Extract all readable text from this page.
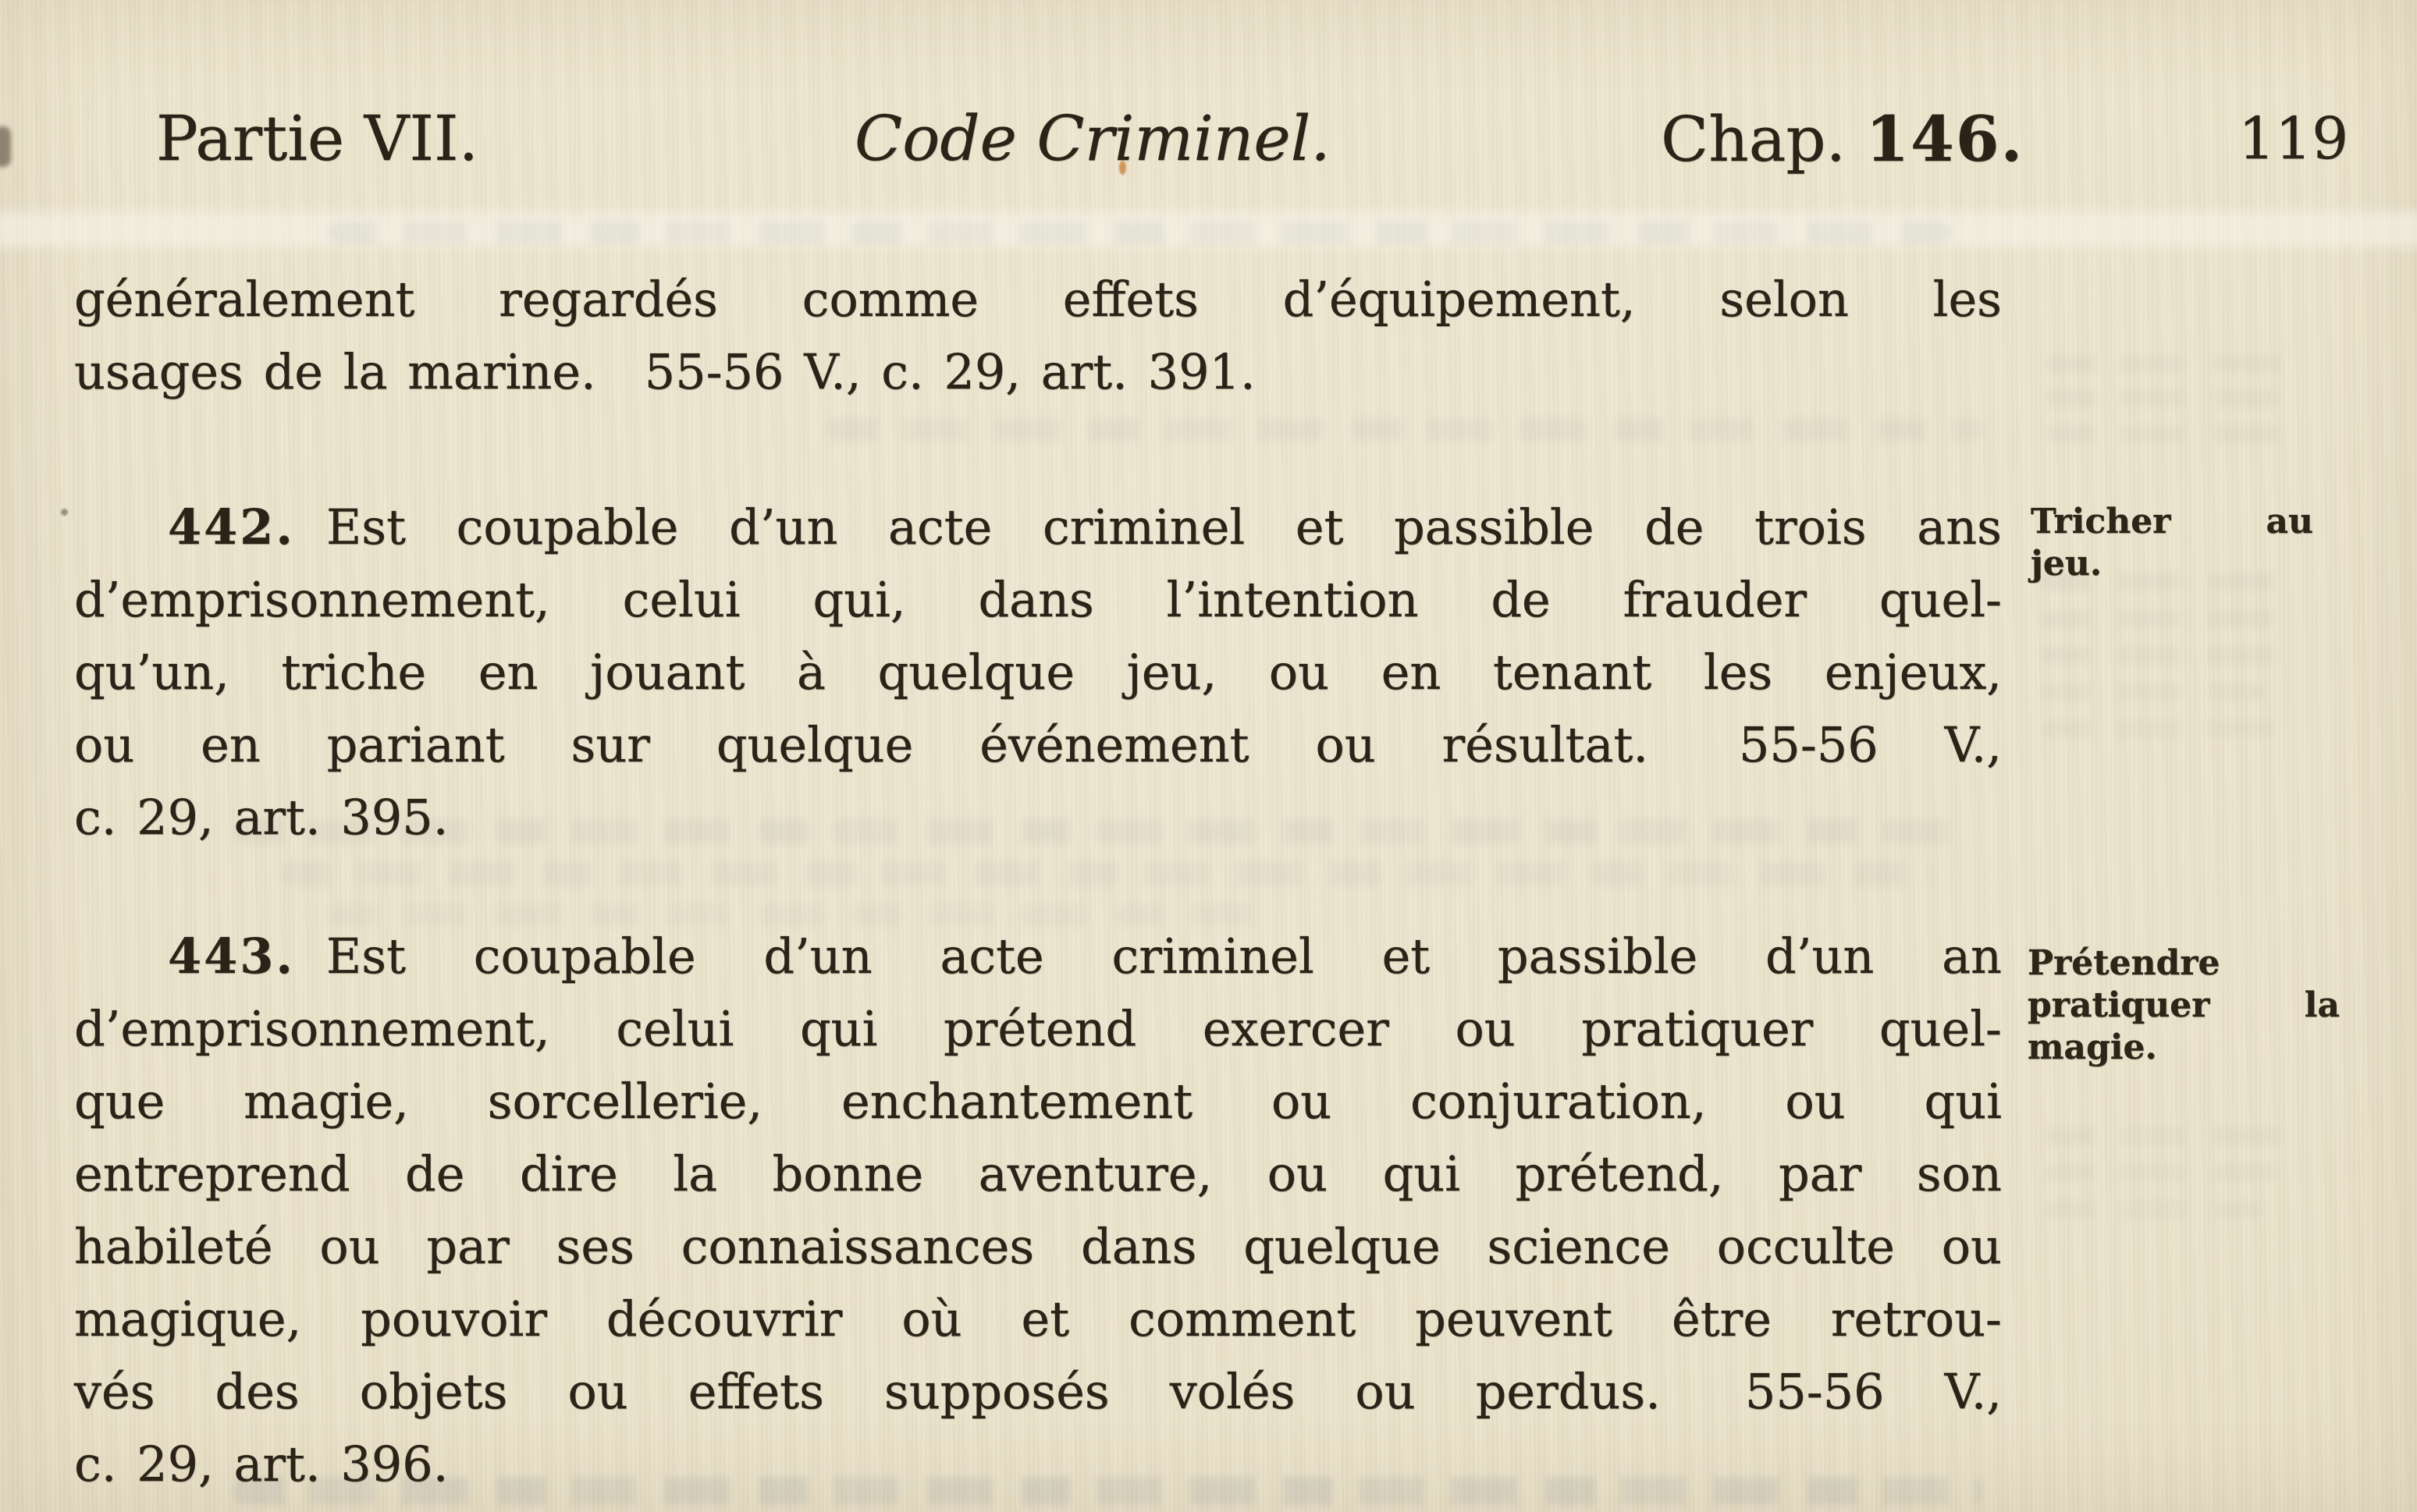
Partie VII.	Code Criminel.	Chap. 146.	119
généralement regardés comme effets d’équipement, selon les
usages de la marine.  55-56 V., c. 29, art. 391.
442. Est coupable d’un acte criminel et passible de trois ans
d’emprisonnement, celui qui, dans l’intention de frauder quel-
qu’un, triche en jouant à quelque jeu, ou en tenant les enjeux,
ou en pariant sur quelque événement ou résultat.  55-56 V.,
c. 29, art. 395.
Tricher au
jeu.
443. Est coupable d’un acte criminel et passible d’un an
d’emprisonnement, celui qui prétend exercer ou pratiquer quel-
que magie, sorcellerie, enchantement ou conjuration, ou qui
entreprend de dire la bonne aventure, ou qui prétend, par son
habileté ou par ses connaissances dans quelque science occulte ou
magique, pouvoir découvrir où et comment peuvent être retrou-
vés des objets ou effets supposés volés ou perdus.  55-56 V.,
c. 29, art. 396.
Prétendre
pratiquer la
magie.
